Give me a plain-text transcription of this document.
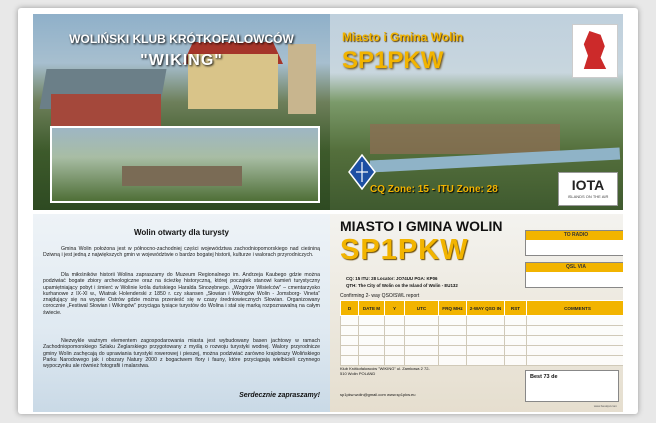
WOLIŃSKI KLUB KRÓTKOFALOWCÓW
"WIKING"
Miasto i Gmina Wolin
SP1PKW
CQ Zone: 15 - ITU Zone: 28	IOTA
ISLANDS ON THE AIR
Wolin otwarty dla turysty

Gmina Wolin położona jest w północno-zachodniej części województwa zachodniopomorskiego nad cieśniną Dziwną i jest jedną z największych gmin w województwie o bardzo bogatej historii, kulturze i walorach przyrodniczych.

Dla miłośników historii Wolina zapraszamy do Muzeum Regionalnego im. Andrzeja Kaubego gdzie można podziwiać bogate zbiory archeologiczne oraz na ścieżkę historyczną, której początek stanowi kamień turystyczny upamiętniający pobyt i śmierć w Wolinie króla duńskiego Haralda Sinozębnego. „Wzgórze Wisielców” – cmentarzysko kurhanowe z IX-XI w., Wiatrak Holenderski z 1850 r. czy skansen „Słowian i Wikingów Wolin - Jomsborg- Vineta” znajdujący się na wyspie Ostrów gdzie można przenieść się w czasy średniowiecznych Słowian. Organizowany corocznie „Festiwal Słowian i Wikingów” przyciąga tysiące turystów do Wolina i stał się marką rozpoznawalną na całym świecie.

Niezwykle ważnym elementem zagospodarowania miasta jest wybudowany basen jachtowy w ramach Zachodniopomorskiego Szlaku Żeglarskiego przygotowany z myślą o rozwoju turystyki wodnej. Walory przyrodnicze gminy Wolin zachęcają do uprawiania turystyki rowerowej i pieszej, można podziwiać zarówno krajobrazy Wolińskiego Parku Narodowego jak i obszary Natury 2000 z bogactwem flory i fauny, które przyciągają wielbicieli czynnego wypoczynku ale również fotografii i malarstwa.

Serdecznie zapraszamy!
MIASTO I GMINA WOLIN
SP1PKW
CQ: 15 ITU: 28 Locator: JO74UU PGA: KP06
QTH: The City of Wolin on the Island of Wolin - EU132
Confirming 2- way QSO/SWL report
TO RADIO
QSL VIA
D	DATE M	Y	UTC	FRQ MHz	2-WAY QSO IN	RST	COMMENTS

Klub Krótkofalowców "WIKING" ul. Zamkowa 2 72-510 Wolin POLAND
sp1pkw.wolin@gmail.com www.sp1pkw.eu
Best 73 de
www.bestqsl.com
